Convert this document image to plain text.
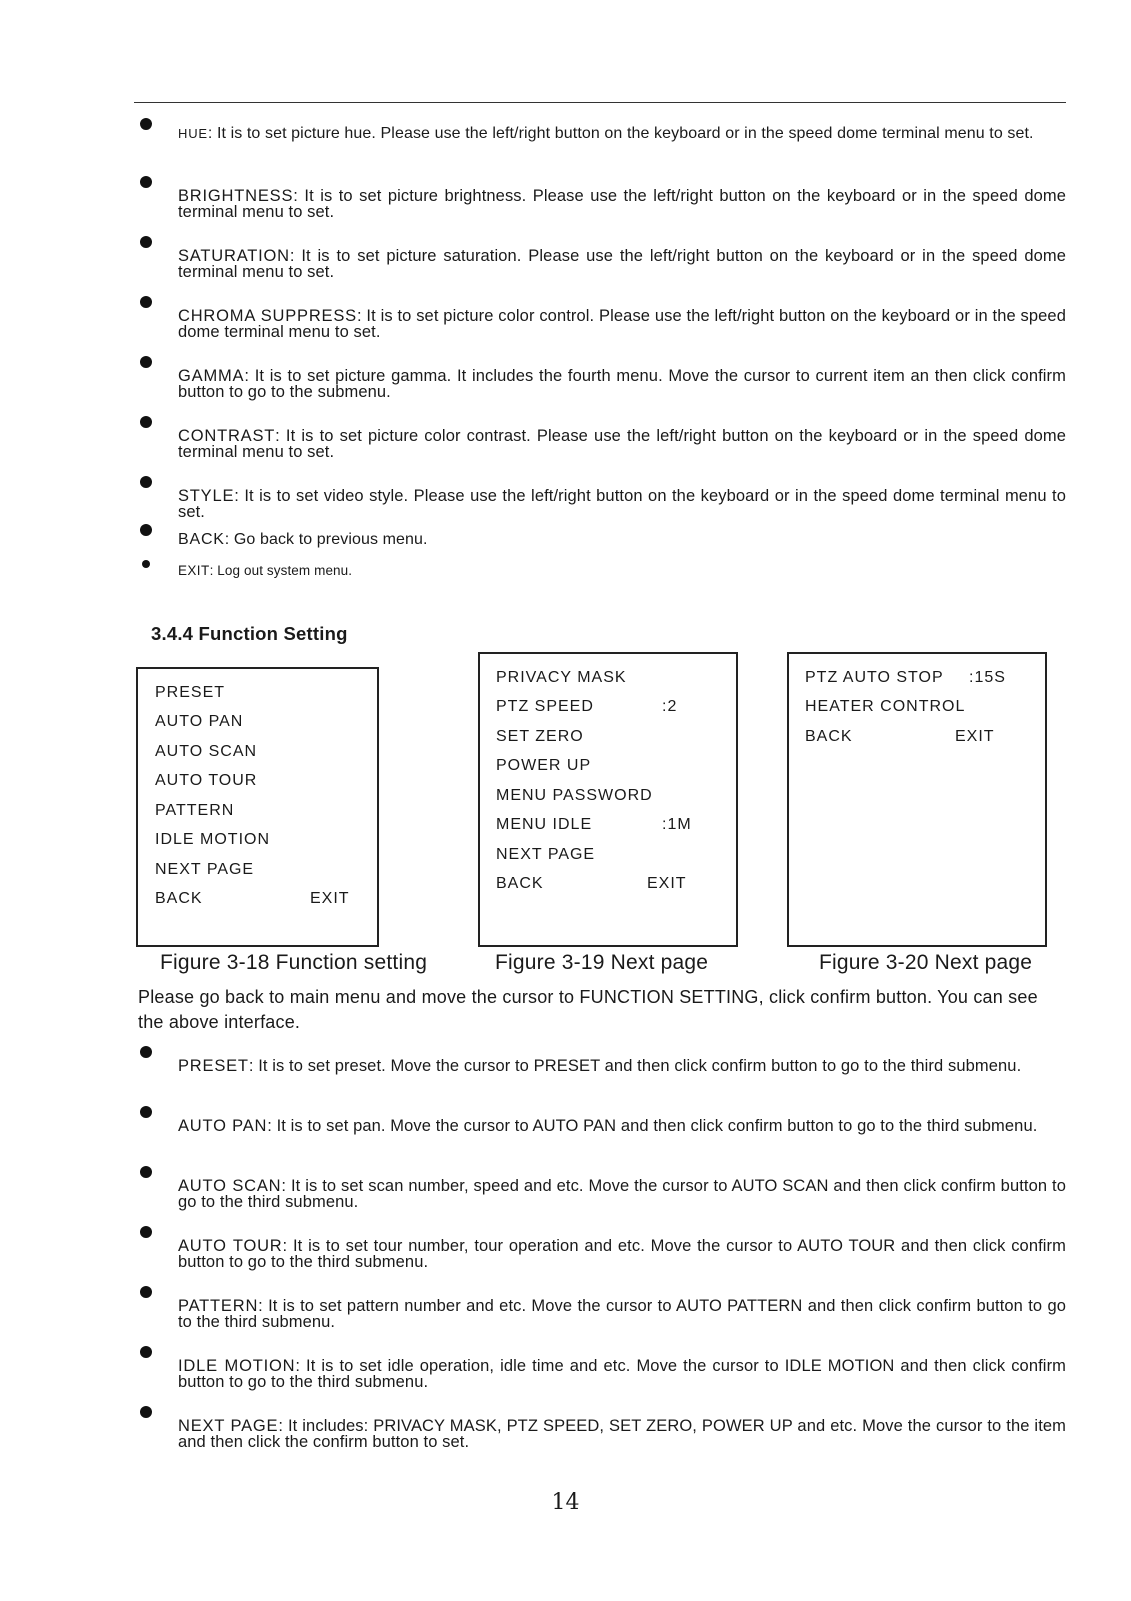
HUE: It is to set picture hue. Please use the left/right button on the keyboard or in the speed dome terminal menu to set.
BRIGHTNESS: It is to set picture brightness. Please use the left/right button on the keyboard or in the speed dome terminal menu to set.
SATURATION: It is to set picture saturation. Please use the left/right button on the keyboard or in the speed dome terminal menu to set.
CHROMA SUPPRESS: It is to set picture color control. Please use the left/right button on the keyboard or in the speed dome terminal menu to set.
GAMMA: It is to set picture gamma. It includes the fourth menu. Move the cursor to current item an then click confirm button to go to the submenu.
CONTRAST: It is to set picture color contrast. Please use the left/right button on the keyboard or in the speed dome terminal menu to set.
STYLE: It is to set video style. Please use the left/right button on the keyboard or in the speed dome terminal menu to set.
BACK: Go back to previous menu.
EXIT: Log out system menu.
3.4.4 Function Setting
PRESET
AUTO PAN
AUTO SCAN
AUTO TOUR
PATTERN
IDLE MOTION
NEXT PAGE
BACK	EXIT
PRIVACY MASK
PTZ SPEED	:2
SET ZERO
POWER UP
MENU PASSWORD
MENU IDLE	:1M
NEXT PAGE
BACK	EXIT
PTZ AUTO STOP :15S
HEATER CONTROL
BACK	EXIT
Figure 3-18 Function setting	Figure 3-19 Next page	Figure 3-20 Next page
Please go back to main menu and move the cursor to FUNCTION SETTING, click confirm button. You can see the above interface.
PRESET: It is to set preset. Move the cursor to PRESET and then click confirm button to go to the third submenu.
AUTO PAN: It is to set pan. Move the cursor to AUTO PAN and then click confirm button to go to the third submenu.
AUTO SCAN: It is to set scan number, speed and etc. Move the cursor to AUTO SCAN and then click confirm button to go to the third submenu.
AUTO TOUR: It is to set tour number, tour operation and etc. Move the cursor to AUTO TOUR and then click confirm button to go to the third submenu.
PATTERN: It is to set pattern number and etc. Move the cursor to AUTO PATTERN and then click confirm button to go to the third submenu.
IDLE MOTION: It is to set idle operation, idle time and etc. Move the cursor to IDLE MOTION and then click confirm button to go to the third submenu.
NEXT PAGE: It includes: PRIVACY MASK, PTZ SPEED, SET ZERO, POWER UP and etc. Move the cursor to the item and then click the confirm button to set.
14
